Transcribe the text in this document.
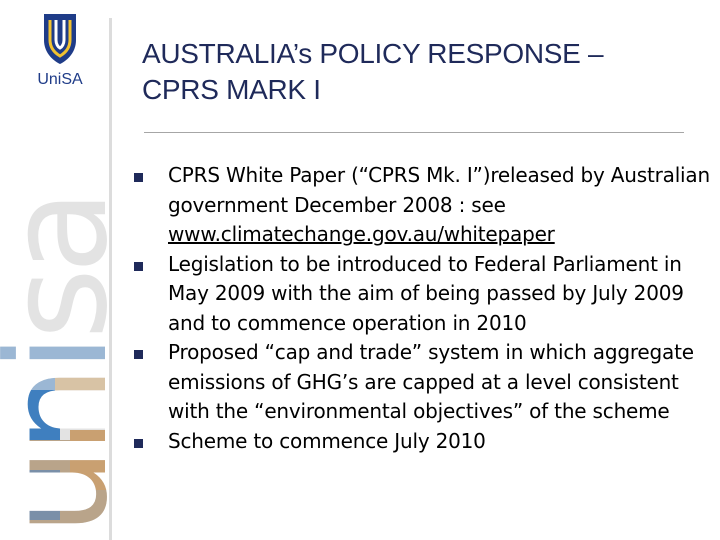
UniSA
AUSTRALIA’s POLICY RESPONSE –
CPRS MARK I
CPRS White Paper (“CPRS Mk. I”)released by Australian government December 2008 : see www.climatechange.gov.au/whitepaper
Legislation to be introduced to Federal Parliament in May 2009 with the aim of being passed by July 2009 and to commence operation in 2010
Proposed “cap and trade” system in which aggregate emissions of GHG’s are capped at a level consistent with the “environmental objectives” of the scheme
Scheme to commence July 2010
